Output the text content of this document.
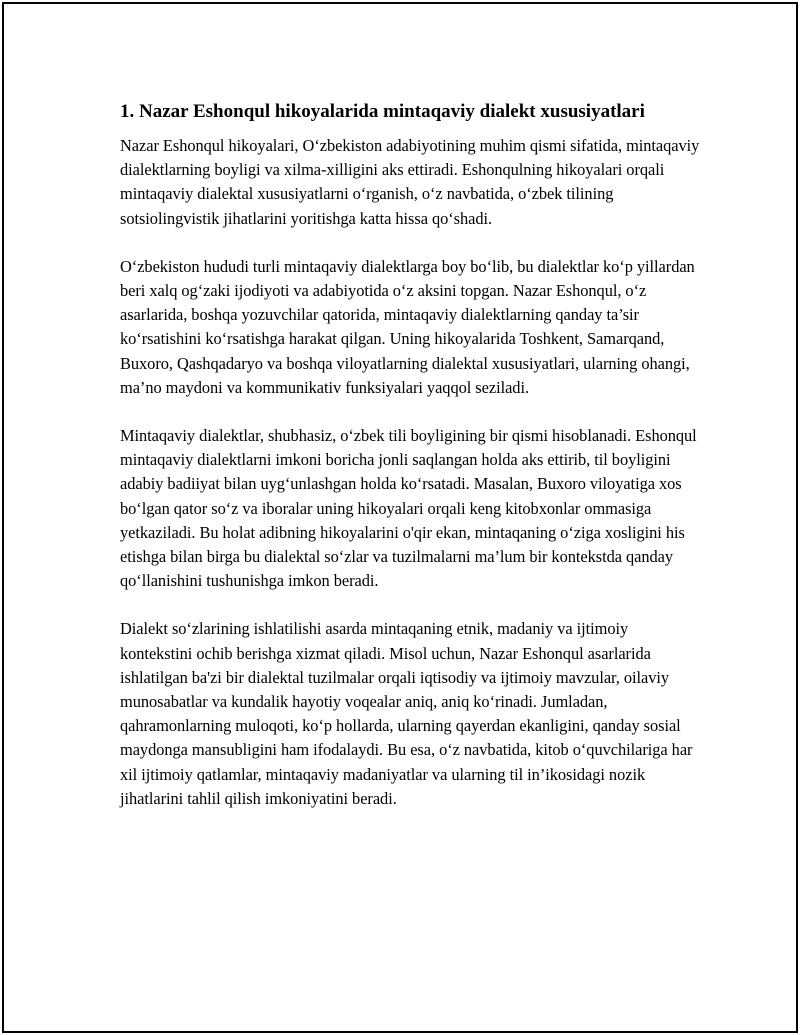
1. Nazar Eshonqul hikoyalarida mintaqaviy dialekt xususiyatlari

Nazar Eshonqul hikoyalari, O‘zbekiston adabiyotining muhim qismi sifatida, mintaqaviy dialektlarning boyligi va xilma-xilligini aks ettiradi. Eshonqulning hikoyalari orqali mintaqaviy dialektal xususiyatlarni o‘rganish, o‘z navbatida, o‘zbek tilining sotsiolingvistik jihatlarini yoritishga katta hissa qo‘shadi.

O‘zbekiston hududi turli mintaqaviy dialektlarga boy bo‘lib, bu dialektlar ko‘p yillardan beri xalq og‘zaki ijodiyoti va adabiyotida o‘z aksini topgan. Nazar Eshonqul, o‘z asarlarida, boshqa yozuvchilar qatorida, mintaqaviy dialektlarning qanday ta’sir ko‘rsatishini ko‘rsatishga harakat qilgan. Uning hikoyalarida Toshkent, Samarqand, Buxoro, Qashqadaryo va boshqa viloyatlarning dialektal xususiyatlari, ularning ohangi, ma’no maydoni va kommunikativ funksiyalari yaqqol seziladi.

Mintaqaviy dialektlar, shubhasiz, o‘zbek tili boyligining bir qismi hisoblanadi. Eshonqul mintaqaviy dialektlarni imkoni boricha jonli saqlangan holda aks ettirib, til boyligini adabiy badiiyat bilan uyg‘unlashgan holda ko‘rsatadi. Masalan, Buxoro viloyatiga xos bo‘lgan qator so‘z va iboralar uning hikoyalari orqali keng kitobxonlar ommasiga yetkaziladi. Bu holat adibning hikoyalarini o'qir ekan, mintaqaning o‘ziga xosligini his etishga bilan birga bu dialektal so‘zlar va tuzilmalarni ma’lum bir kontekstda qanday qo‘llanishini tushunishga imkon beradi.

Dialekt so‘zlarining ishlatilishi asarda mintaqaning etnik, madaniy va ijtimoiy kontekstini ochib berishga xizmat qiladi. Misol uchun, Nazar Eshonqul asarlarida ishlatilgan ba'zi bir dialektal tuzilmalar orqali iqtisodiy va ijtimoiy mavzular, oilaviy munosabatlar va kundalik hayotiy voqealar aniq, aniq ko‘rinadi. Jumladan, qahramonlarning muloqoti, ko‘p hollarda, ularning qayerdan ekanligini, qanday sosial maydonga mansubligini ham ifodalaydi. Bu esa, o‘z navbatida, kitob o‘quvchilariga har xil ijtimoiy qatlamlar, mintaqaviy madaniyatlar va ularning til in’ikosidagi nozik jihatlarini tahlil qilish imkoniyatini beradi.
